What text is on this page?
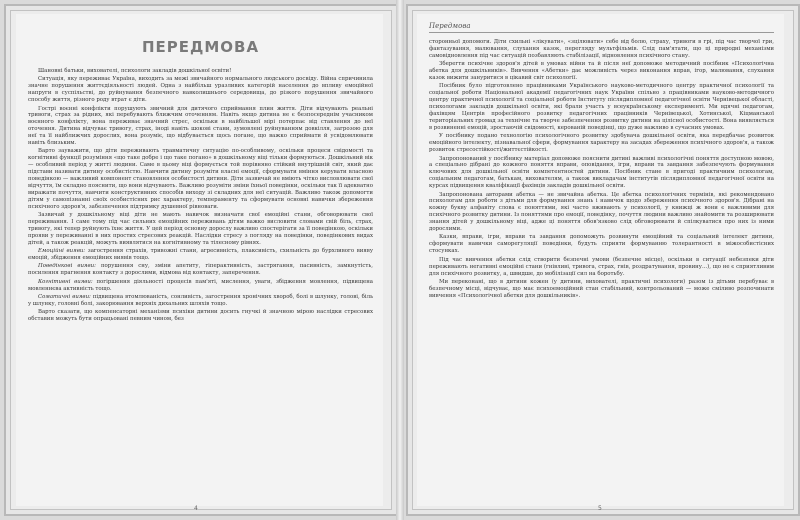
ПЕРЕДМОВА

Шановні батьки, вихователі, психологи закладів дошкільної освіти!

Ситуація, яку переживає Україна, виходить за межі звичайного нормального людського досвіду. Війна спричинила значне порушення життєдіяльності людей. Одна з найбільш уразливих категорій населення до впливу емоційної напруги в суспільстві, до руйнування безпечного навколишнього середовища, до різкого порушення звичайного способу життя, різного роду втрат є діти.

Гострі воєнні конфлікти порушують звичний для дитячого сприймання плин життя. Діти відчувають реальні тривоги, страх за рідних, які перебувають ближчим оточенням. Навіть якщо дитина не є безпосереднім учасником воєнного конфлікту, вона переживає значний стрес, оскільки в найбільшої мірі потерпає від ставлення до неї оточення. Дитина відчуває тривогу, страх, іноді навіть шокові стани, зумовлені руйнуванням довкілля, загрозою для неї та її найближчих дорослих, вона розуміє, що відбувається щось погане, що важко сприймати й усвідомлювати навіть близьким.

Варто зауважити, що діти переживають травматичну ситуацію по-особливому, оскільки процеси свідомості та когнітивні функції розуміння «що таке добре і що таке погано» в дошкільному віці тільки формуються. Дошкільний вік — особливий період у житті людини. Саме в цьому віці формується той порівняно стійкий внутрішній світ, який дає підстави називати дитину особистістю. Навчити дитину розуміти власні емоції, сформувати вміння керувати власною поведінкою — важливий компонент становлення особистості дитини. Діти зазвичай не вміють чітко висловлювати свої відчуття, їм складно пояснити, що вони відчувають. Важливо розуміти зміни їхньої поведінки, оскільки так її адекватно виражати почуття, навчити конструктивних способів виходу зі складних для неї ситуацій. Важливо також допомогти дітям у самопізнанні своїх особистісних рис характеру, темпераменту та сформувати основні навички збереження психічного здоров'я, забезпечення підтримку душевної рівноваги.

Зазвичай у дошкільному віці діти не мають навичок визначати свої емоційні стани, обговорювати свої переживання. І саме тому під час сильних емоційних переживань дітям важко висловити словами свій біль, страх, тривогу, які тепер руйнують їхнє життя. У цей період основну дорослу важливо спостерігати за її поведінкою, оскільки прояви у переживанні в них простих стресових реакцій. Наслідки стресу з погляду на поведінки, поведінкових видах дітей, а також реакцій, можуть виявлятися на когнітивному та тілесному рівнях.

Емоційні вияви: загострення страхів, тривожні стани, агресивність, плаксивість, схильність до бурхливого вияву емоцій, збідження емоційних виявів тощо.

Поведінкові вияви: порушення сну, зміни апетиту, гіперактивність, застрягання, пасивність, замкнутість, посилення прагнення контакту з дорослими, відмова від контакту, заперечення.

Когнітивні вияви: погіршення діяльності процесів пам'яті, мислення, уваги, збідження мовлення, підвищена мовленнєва активність тощо.

Соматичні вияви: підвищена втомлюваність, сонливість, загострення хронічних хвороб, болі в шлунку, голові, біль у шлунку, головні болі, закорювання верхніх дихальних шляхів тощо.

Варто сказати, що компенсаторні механізми психіки дитини досить гнучкі й значною мірою наслідки стресових обставин можуть бути опрацьовані певним чином, без

4
Передмова

сторонньої допомоги. Діти схильні «лікувати», «зцілювати» себе від болю, страху, тривоги в грі, під час творчої гри, фантазування, малювання, слухання казок, перегляду мультфільмів. Слід пам'ятати, що ці природні механізми самовідновлення під час ситуацій позбавляють стабілізації, відновлення психічного стану.

Зберегти психічне здоров'я дітей в умовах війни та й після неї допоможе методичний посібник «Психологічна абетка для дошкільників». Вивчення «Абетки» дає можливість через виконання вправ, ігор, малювання, слухання казок вижити зануритися в цікавий світ психології.

Посібник було підготовлено працівниками Українського науково-методичного центру практичної психології та соціальної роботи Національної академії педагогічних наук України спільно з працівниками науково-методичного центру практичної психології та соціальної роботи Інституту післядипломної педагогічної освіти Чернівецької області, психологами закладів дошкільної освіти, які брали участь у всеукраїнському експерименті. Ми вдячні педагогам, фахівцям Центрів професійного розвитку педагогічних працівників Чернівецької, Хотинської, Кіцманської територіальних громад за технічне та творче забезпечення розвитку дитини на цілісної особистості. Вона виявляється в розвиненні емоцій, зростаючій свідомості, керованій поведінці, що дуже важливо в сучасних умовах.

У посібнику подано технологію психологічного розвитку здобувача дошкільної освіти, яка передбачає розвиток емоційного інтелекту, пізнавальної сфери, формування характеру на засадах збереження психічного здоров'я, а також розвиток стресостійкості/життєстійкості.

Запропонований у посібнику матеріал допоможе пояснити дитині важливі психологічні поняття доступною мовою, а спеціально дібрані до кожного поняття вправи, оповідання, ігри, вправи та завдання забезпечують формування ключових для дошкільної освіти компетентностей дитини. Посібник стане в пригоді практичним психологам, соціальним педагогам, батькам, вихователям, а також викладачам інститутів післядипломної педагогічної освіти на курсах підвищення кваліфікації фахівців закладів дошкільної освіти.

Запропонована авторами абетка — не звичайна абетка. Це абетка психологічних термінів, які рекомендовано психологам для роботи з дітьми для формування знань і навичок щодо збереження психічного здоров'я. Дібрані на кожну букву алфавіту слова є поняттями, які часто вживають у психології, у книжці ж вони є важливими для психічного розвитку дитини. Із поняттями про емоції, поведінку, почуття людини важливо знайомити та розширювати знання дітей у дошкільному віці, адже ці поняття обов'язково слід обговорювати й спілкуватися про них із ними дорослими.

Казки, вправи, ігри, вправи та завдання допоможуть розвинути емоційний та соціальний інтелект дитини, сформувати навички саморегуляції поведінки, будуть сприяти формуванню толерантності в міжособистісних стосунках.

Під час вивчення абетки слід створити безпечні умови (безпечне місце), оскільки в ситуації небезпеки діти переживають негативні емоційні стани (гнівливі, тривога, страх, гнів, роздратування, провину...), що не є сприятливим для психічного розвитку, а, швидше, до мобілізації сил на боротьбу.

Ми переконані, що в дитини кожен (у дитини, вихователі, практичні психологи) разом із дітьми перебуває в безпечному місці, відчуває, що має психоемоційний стан стабільний, контрольований — може сміливо розпочинати вивчення «Психологічної абетки для дошкільників».

5
